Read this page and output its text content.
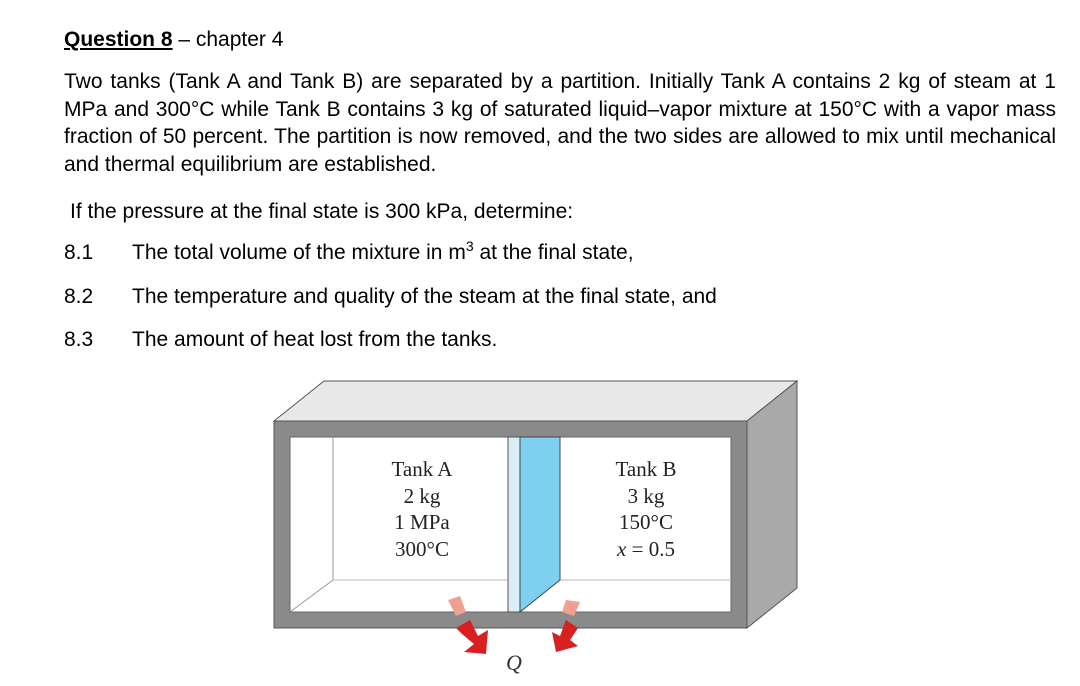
Question 8 – chapter 4
Two tanks (Tank A and Tank B) are separated by a partition. Initially Tank A contains 2 kg of steam at 1 MPa and 300°C while Tank B contains 3 kg of saturated liquid–vapor mixture at 150°C with a vapor mass fraction of 50 percent. The partition is now removed, and the two sides are allowed to mix until mechanical and thermal equilibrium are established.
If the pressure at the final state is 300 kPa, determine:
8.1 The total volume of the mixture in $m^3$ at the final state,
8.2 The temperature and quality of the steam at the final state, and
8.3 The amount of heat lost from the tanks.
Tank A
2 kg
1 MPa
300°C
Tank B
3 kg
150°C
x = 0.5
Q
